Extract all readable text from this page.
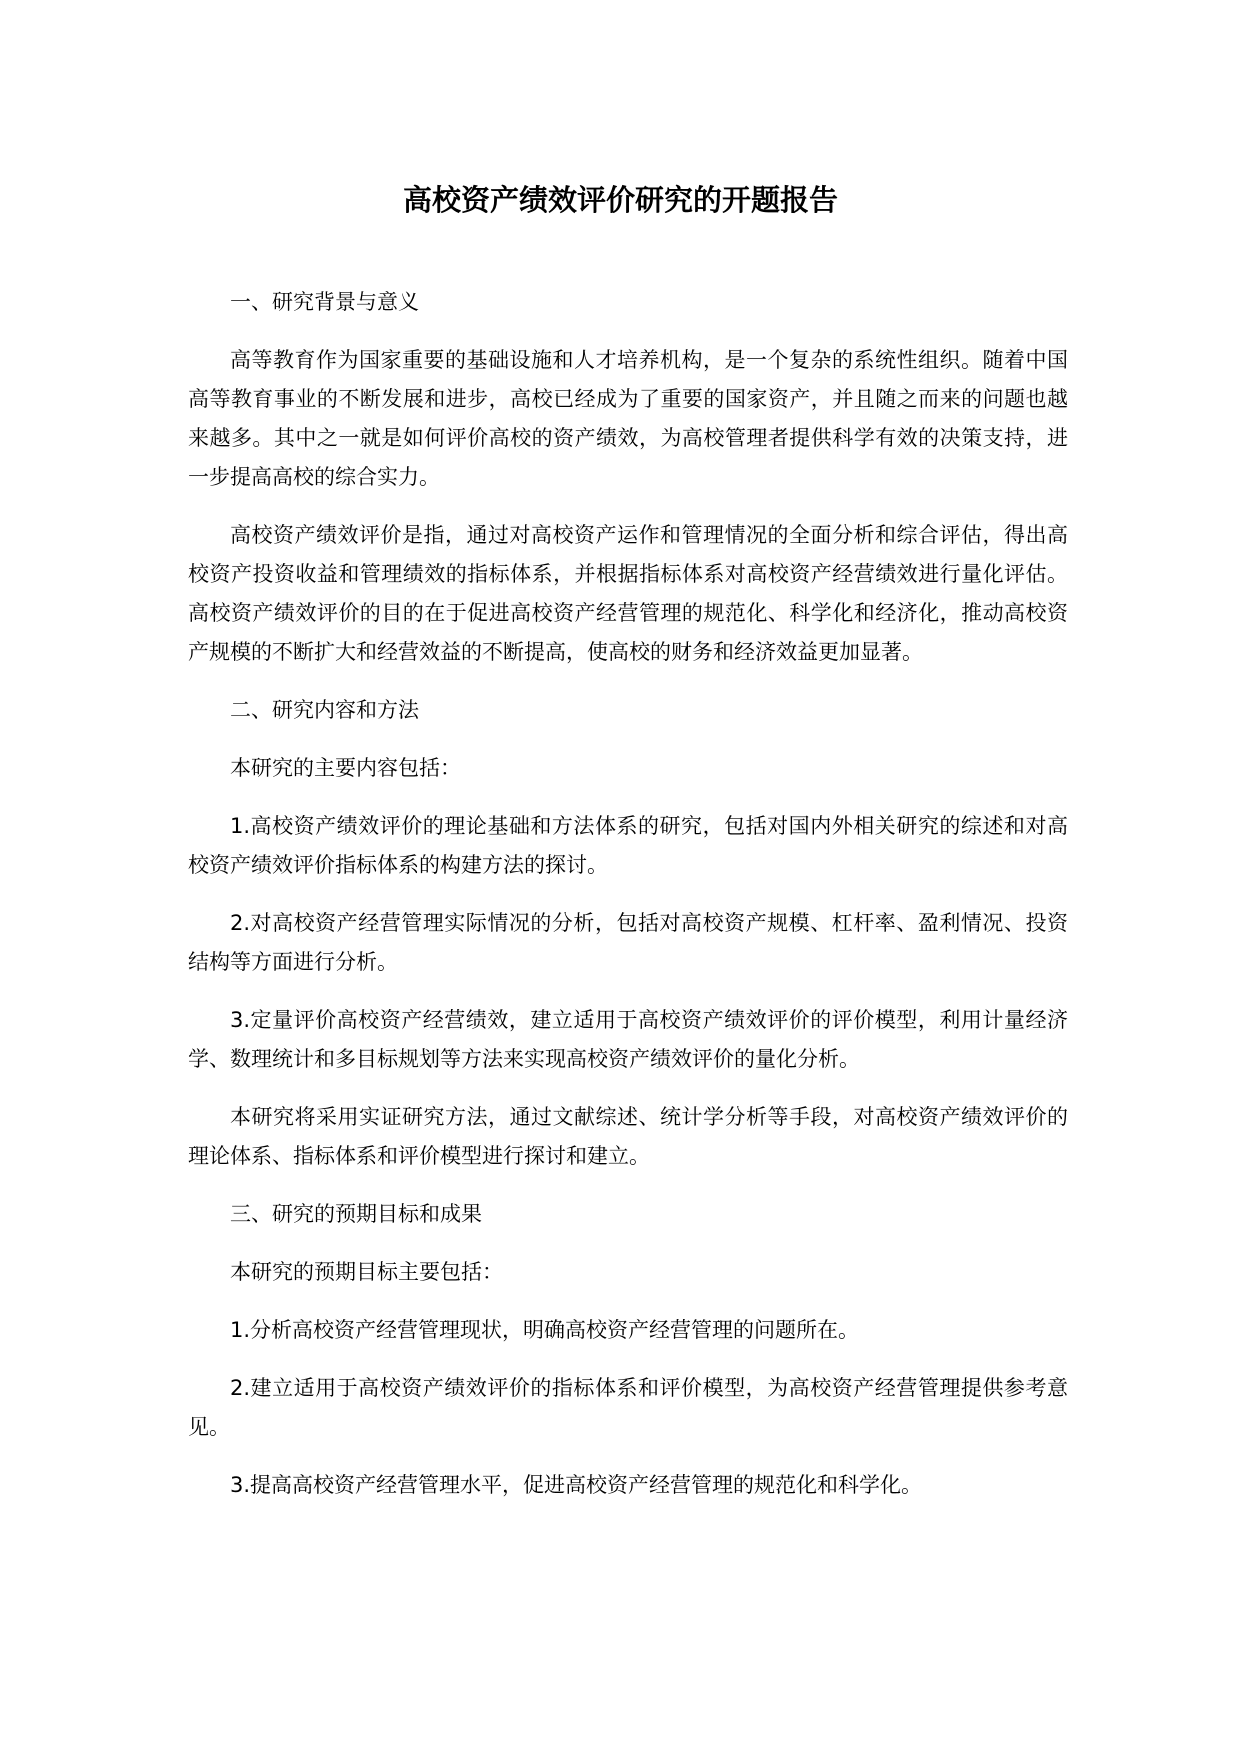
高校资产绩效评价研究的开题报告

一、研究背景与意义

高等教育作为国家重要的基础设施和人才培养机构，是一个复杂的系统性组织。随着中国高等教育事业的不断发展和进步，高校已经成为了重要的国家资产，并且随之而来的问题也越来越多。其中之一就是如何评价高校的资产绩效，为高校管理者提供科学有效的决策支持，进一步提高高校的综合实力。

高校资产绩效评价是指，通过对高校资产运作和管理情况的全面分析和综合评估，得出高校资产投资收益和管理绩效的指标体系，并根据指标体系对高校资产经营绩效进行量化评估。高校资产绩效评价的目的在于促进高校资产经营管理的规范化、科学化和经济化，推动高校资产规模的不断扩大和经营效益的不断提高，使高校的财务和经济效益更加显著。

二、研究内容和方法

本研究的主要内容包括：

1.高校资产绩效评价的理论基础和方法体系的研究，包括对国内外相关研究的综述和对高校资产绩效评价指标体系的构建方法的探讨。

2.对高校资产经营管理实际情况的分析，包括对高校资产规模、杠杆率、盈利情况、投资结构等方面进行分析。

3.定量评价高校资产经营绩效，建立适用于高校资产绩效评价的评价模型，利用计量经济学、数理统计和多目标规划等方法来实现高校资产绩效评价的量化分析。

本研究将采用实证研究方法，通过文献综述、统计学分析等手段，对高校资产绩效评价的理论体系、指标体系和评价模型进行探讨和建立。

三、研究的预期目标和成果

本研究的预期目标主要包括：

1.分析高校资产经营管理现状，明确高校资产经营管理的问题所在。

2.建立适用于高校资产绩效评价的指标体系和评价模型，为高校资产经营管理提供参考意见。

3.提高高校资产经营管理水平，促进高校资产经营管理的规范化和科学化。
